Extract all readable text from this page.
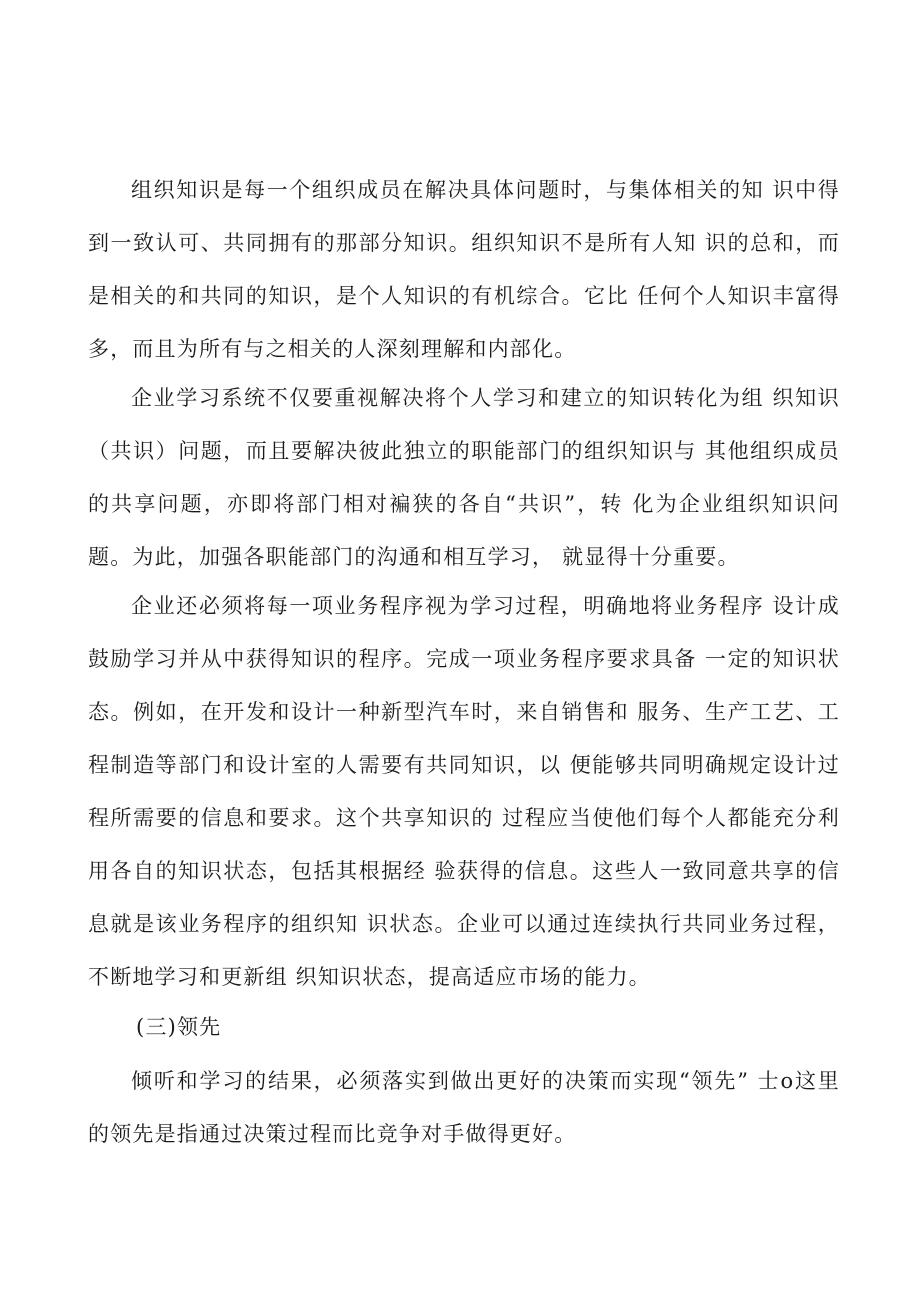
组织知识是每一个组织成员在解决具体问题时，与集体相关的知 识中得到一致认可、共同拥有的那部分知识。组织知识不是所有人知 识的总和，而是相关的和共同的知识，是个人知识的有机综合。它比 任何个人知识丰富得多，而且为所有与之相关的人深刻理解和内部化。

企业学习系统不仅要重视解决将个人学习和建立的知识转化为组 织知识（共识）问题，而且要解决彼此独立的职能部门的组织知识与 其他组织成员的共享问题，亦即将部门相对褊狭的各自“共识”，转 化为企业组织知识问题。为此，加强各职能部门的沟通和相互学习， 就显得十分重要。

企业还必须将每一项业务程序视为学习过程，明确地将业务程序 设计成鼓励学习并从中获得知识的程序。完成一项业务程序要求具备 一定的知识状态。例如，在开发和设计一种新型汽车时，来自销售和 服务、生产工艺、工程制造等部门和设计室的人需要有共同知识，以 便能够共同明确规定设计过程所需要的信息和要求。这个共享知识的 过程应当使他们每个人都能充分利用各自的知识状态，包括其根据经 验获得的信息。这些人一致同意共享的信息就是该业务程序的组织知 识状态。企业可以通过连续执行共同业务过程，不断地学习和更新组 织知识状态，提高适应市场的能力。

(三)领先

倾听和学习的结果，必须落实到做出更好的决策而实现“领先” 士o这里的领先是指通过决策过程而比竞争对手做得更好。
